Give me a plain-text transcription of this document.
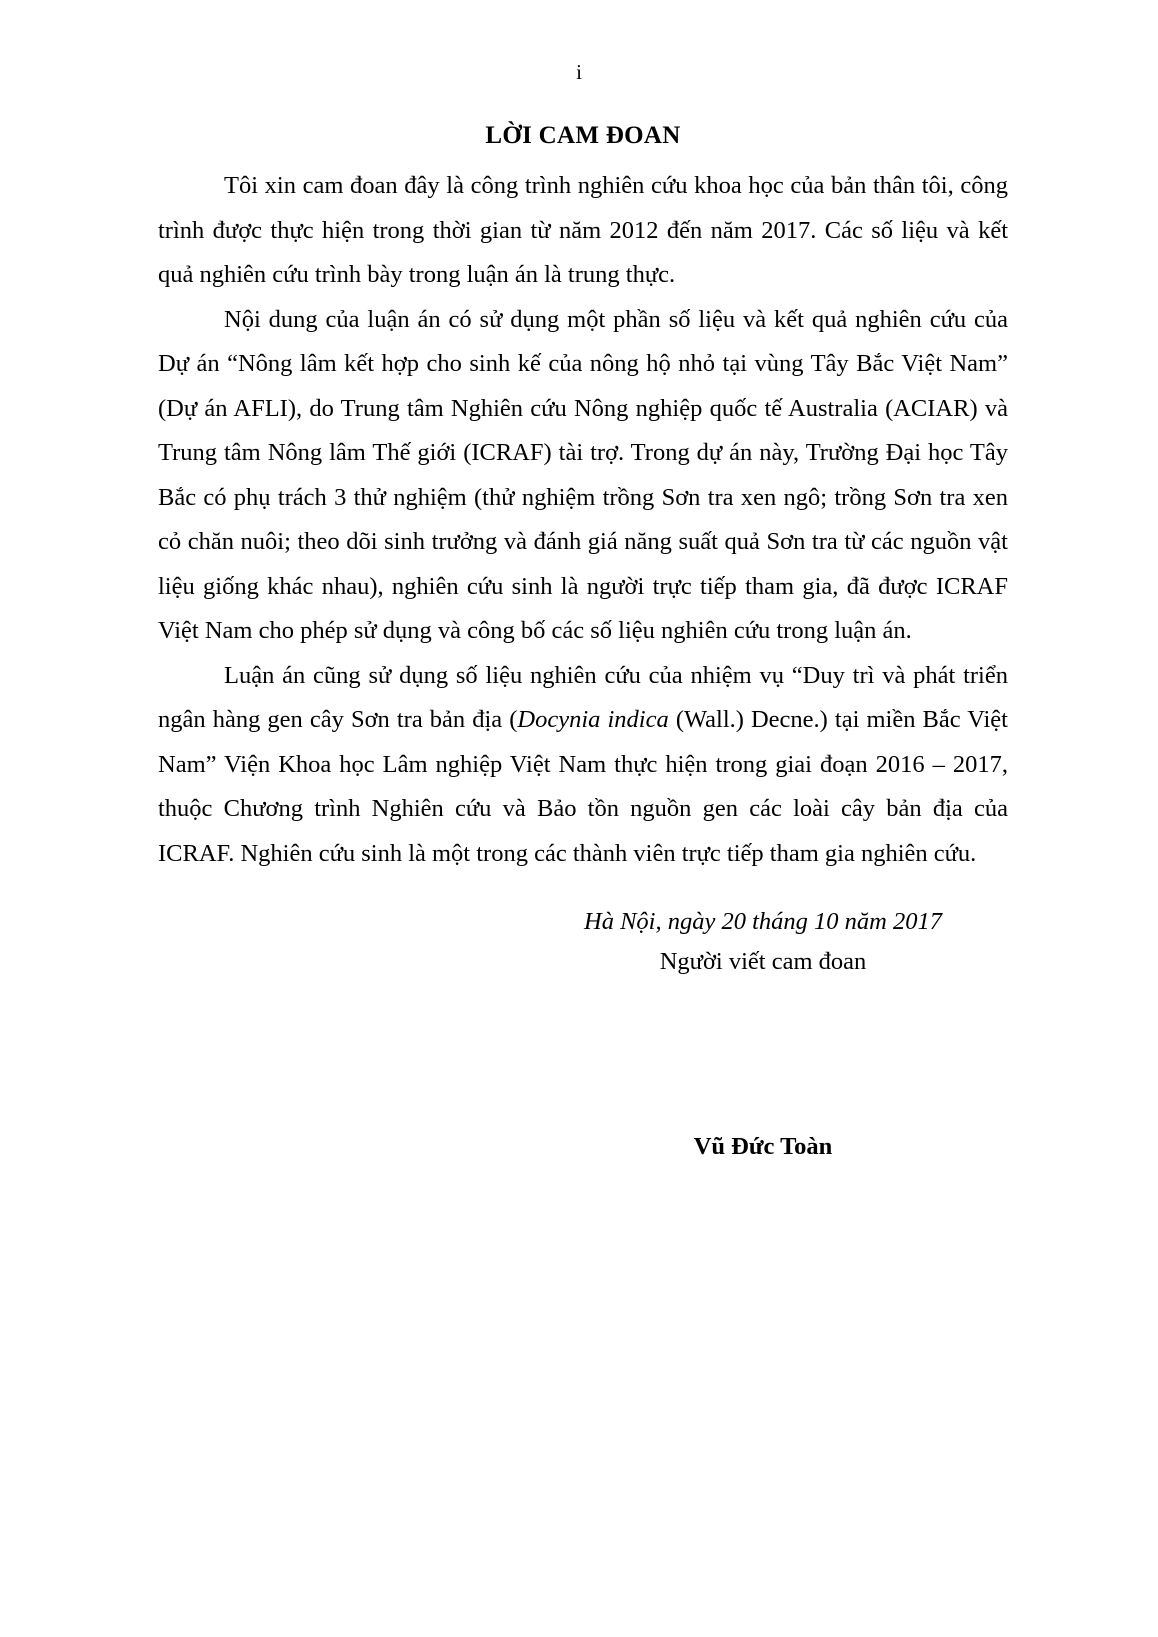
i
LỜI CAM ĐOAN

Tôi xin cam đoan đây là công trình nghiên cứu khoa học của bản thân tôi, công trình được thực hiện trong thời gian từ năm 2012 đến năm 2017. Các số liệu và kết quả nghiên cứu trình bày trong luận án là trung thực.

Nội dung của luận án có sử dụng một phần số liệu và kết quả nghiên cứu của Dự án “Nông lâm kết hợp cho sinh kế của nông hộ nhỏ tại vùng Tây Bắc Việt Nam” (Dự án AFLI), do Trung tâm Nghiên cứu Nông nghiệp quốc tế Australia (ACIAR) và Trung tâm Nông lâm Thế giới (ICRAF) tài trợ. Trong dự án này, Trường Đại học Tây Bắc có phụ trách 3 thử nghiệm (thử nghiệm trồng Sơn tra xen ngô; trồng Sơn tra xen cỏ chăn nuôi; theo dõi sinh trưởng và đánh giá năng suất quả Sơn tra từ các nguồn vật liệu giống khác nhau), nghiên cứu sinh là người trực tiếp tham gia, đã được ICRAF Việt Nam cho phép sử dụng và công bố các số liệu nghiên cứu trong luận án.

Luận án cũng sử dụng số liệu nghiên cứu của nhiệm vụ “Duy trì và phát triển ngân hàng gen cây Sơn tra bản địa (Docynia indica (Wall.) Decne.) tại miền Bắc Việt Nam” Viện Khoa học Lâm nghiệp Việt Nam thực hiện trong giai đoạn 2016 – 2017, thuộc Chương trình Nghiên cứu và Bảo tồn nguồn gen các loài cây bản địa của ICRAF. Nghiên cứu sinh là một trong các thành viên trực tiếp tham gia nghiên cứu.

Hà Nội, ngày 20 tháng 10 năm 2017
Người viết cam đoan
Vũ Đức Toàn
